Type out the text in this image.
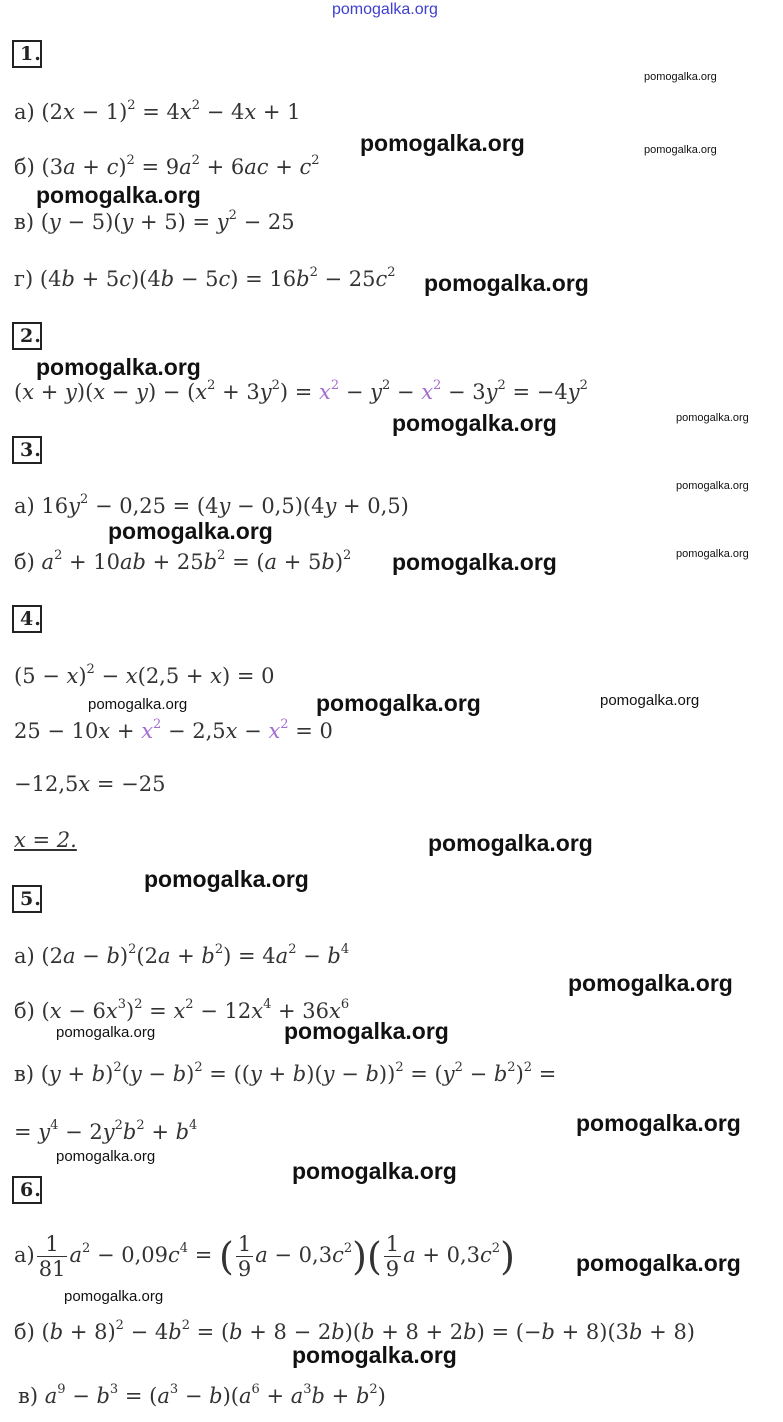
pomogalka.org
1.
а) $(2x - 1)^2 = 4x^2 - 4x + 1$
б) $(3a + c)^2 = 9a^2 + 6ac + c^2$
в) $(y - 5)(y + 5) = y^2 - 25$
г) $(4b + 5c)(4b - 5c) = 16b^2 - 25c^2$
2.
$(x + y)(x - y) - (x^2 + 3y^2) = x^2 - y^2 - x^2 - 3y^2 = -4y^2$
3.
а) $16y^2 - 0,25 = (4y - 0,5)(4y + 0,5)$
б) $a^2 + 10ab + 25b^2 = (a + 5b)^2$
4.
$(5 - x)^2 - x(2,5 + x) = 0$
$25 - 10x + x^2 - 2,5x - x^2 = 0$
−12,5x = −25
x = 2.
5.
а) $(2a - b)^2(2a + b^2) = 4a^2 - b^4$
б) $(x - 6x^3)^2 = x^2 - 12x^4 + 36x^6$
в) $(y + b)^2(y - b)^2 = ((y + b)(y - b))^2 = (y^2 - b^2)^2$ =
= $y^4 - 2y^2b^2 + b^4$
6.
$а) \frac{1}{81} a^2 - 0,09c^4$ = ( $\frac{1}{9}$ $a - 0,3c^2)( \frac{1}{9}$ $a + 0,3c^2$)
б) $(b + 8)^2 - 4b^2 = (b + 8 - 2b)(b + 8 + 2b) = (-b + 8)(3b + 8)$
в) $a^9 - b^3 = (a^3 - b)(a^6 + a^3b + b^2)$
pomogalka.org
pomogalka.org	pomogalka.org
pomogalka.org
pomogalka.org
pomogalka.org
pomogalka.org
pomogalka.org
pomogalka.org
pomogalka.org
pomogalka.org
pomogalka.org
pomogalka.org	pomogalka.org	pomogalka.org
pomogalka.org
pomogalka.org
pomogalka.org
pomogalka.org	pomogalka.org
pomogalka.org
pomogalka.org
pomogalka.org
pomogalka.org
pomogalka.org
pomogalka.org
